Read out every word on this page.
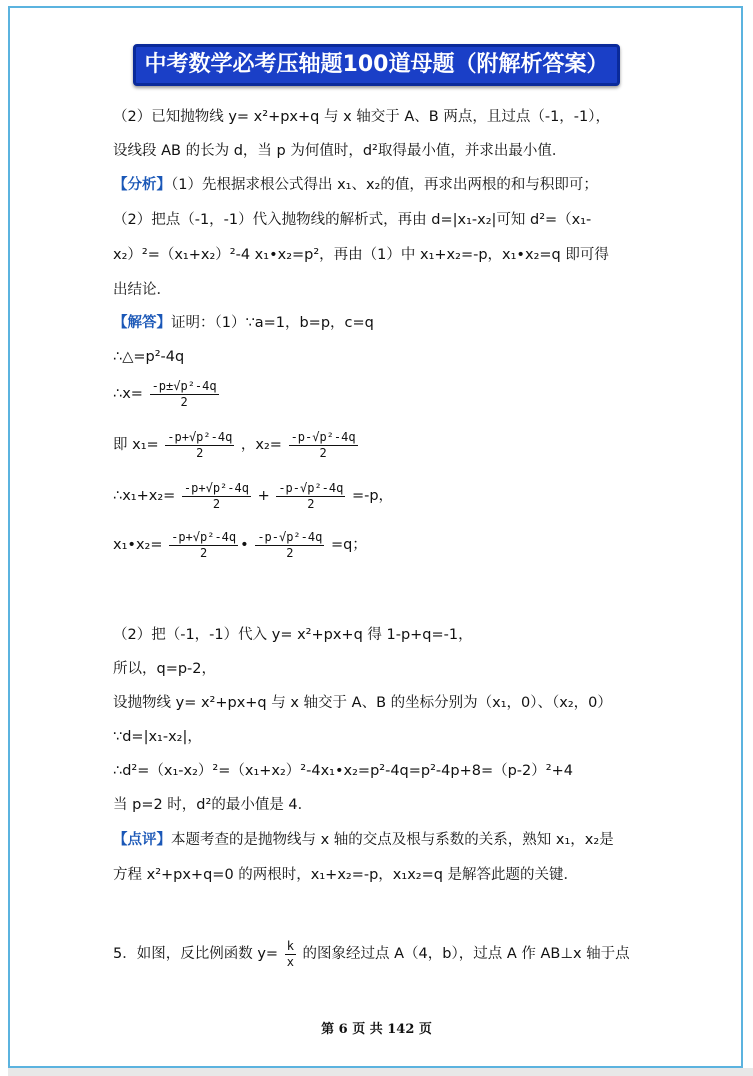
中考数学必考压轴题100道母题（附解析答案）
（2）已知抛物线 y= x²+px+q 与 x 轴交于 A、B 两点，且过点（-1，-1），
设线段 AB 的长为 d，当 p 为何值时，d²取得最小值，并求出最小值．
【分析】（1）先根据求根公式得出 x₁、x₂的值，再求出两根的和与积即可；
（2）把点（-1，-1）代入抛物线的解析式，再由 d=|x₁-x₂|可知 d²=（x₁-
x₂）²=（x₁+x₂）²-4 x₁•x₂=p²，再由（1）中 x₁+x₂=-p，x₁•x₂=q 即可得
出结论．
【解答】证明：（1）∵a=1，b=p，c=q
∴△=p²-4q
∴x= $\frac{\text{-p±√p²-4q}}{2}$
即 $x_1= \frac{\text{-p+√p²-4q}}{2}$ ，$x_2= \frac{\text{-p-√p²-4q}}{2}$
∴x₁+x₂= $\frac{\text{-p+√p²-4q}}{2} + \frac{\text{-p-√p²-4q}}{2} =-p$，
x₁•x₂= $\frac{\text{-p+√p²-4q}}{2}$ • $\frac{\text{-p-√p²-4q}}{2} =q$；
（2）把（-1，-1）代入 y= x²+px+q 得 1-p+q=-1，
所以，q=p-2，
设抛物线 y= x²+px+q 与 x 轴交于 A、B 的坐标分别为（x₁，0）、（x₂，0）
∵d=|x₁-x₂|，
∴d²=（x₁-x₂）²=（x₁+x₂）²-4x₁•x₂=p²-4q=p²-4p+8=（p-2）²+4
当 p=2 时，d²的最小值是 4．
【点评】本题考查的是抛物线与 x 轴的交点及根与系数的关系，熟知 x₁，x₂是
方程 x²+px+q=0 的两根时，x₁+x₂=-p，x₁x₂=q 是解答此题的关键．
5．如图，反比例函数 $y= \frac{k}{x}$ 的图象经过点 A（4，b），过点 A 作 AB⊥x 轴于点
第 6 页 共 142 页
